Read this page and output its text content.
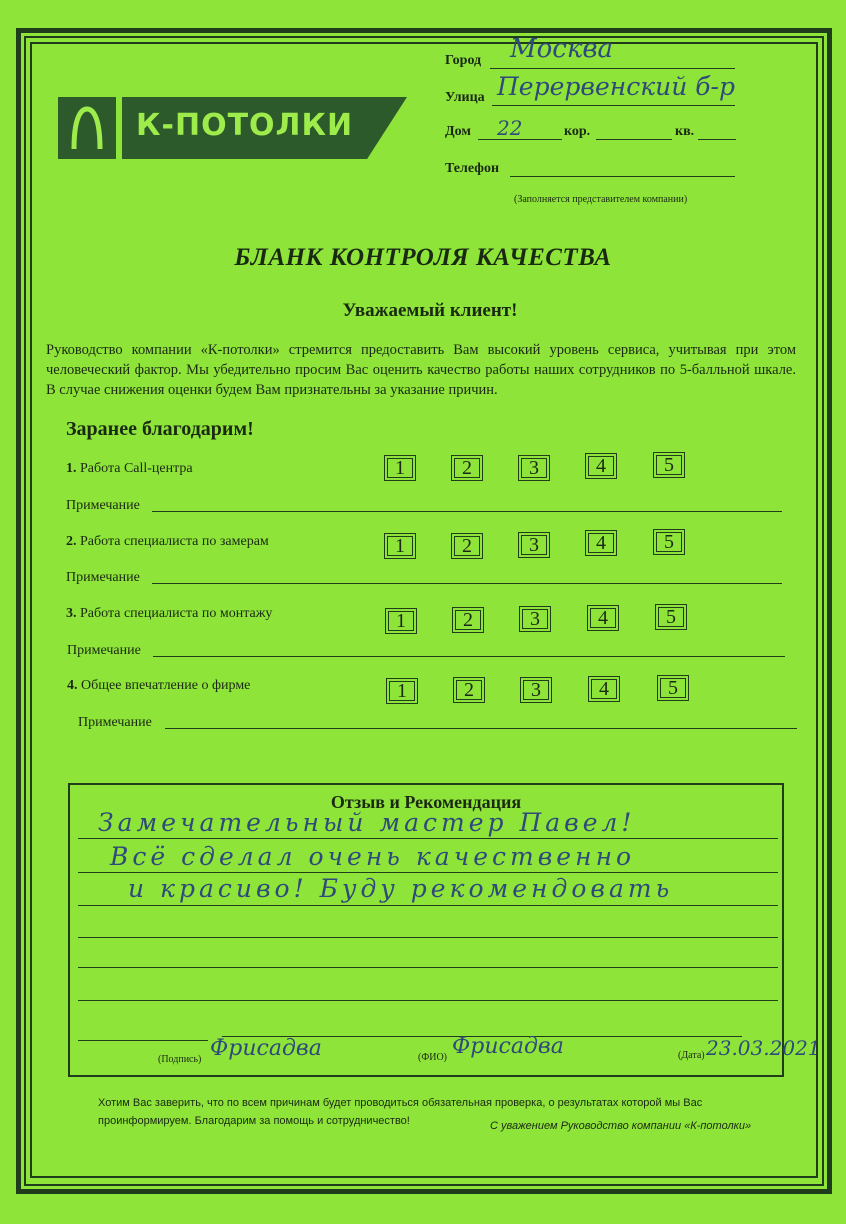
К-ПОТОЛКИ
Город Москва
Улица Перервенский б-р
Дом 22	кор.	кв.
Телефон
(Заполняется представителем компании)
БЛАНК КОНТРОЛЯ КАЧЕСТВА
Уважаемый клиент!
Руководство компании «К-потолки» стремится предоставить Вам высокий уровень сервиса, учитывая при этом человеческий фактор. Мы убедительно просим Вас оценить качество работы наших сотрудников по 5-балльной шкале. В случае снижения оценки будем Вам признательны за указание причин.
Заранее благодарим!
1. Работа Call-центра	1	2	3	4	5
Примечание
2. Работа специалиста по замерам	1	2	3	4	5
Примечание
3. Работа специалиста по монтажу	1	2	3	4	5
Примечание
4. Общее впечатление о фирме	1	2	3	4	5
Примечание
Отзыв и Рекомендация
Замечательный мастер Павел!
Всё сделал очень качественно
и красиво! Буду рекомендовать
(Подпись) Фрисадва	(ФИО) Фрисадва	(Дата) 23.03.2021
Хотим Вас заверить, что по всем причинам будет проводиться обязательная проверка, о результатах которой мы Вас проинформируем. Благодарим за помощь и сотрудничество!	С уважением Руководство компании «К-потолки»
